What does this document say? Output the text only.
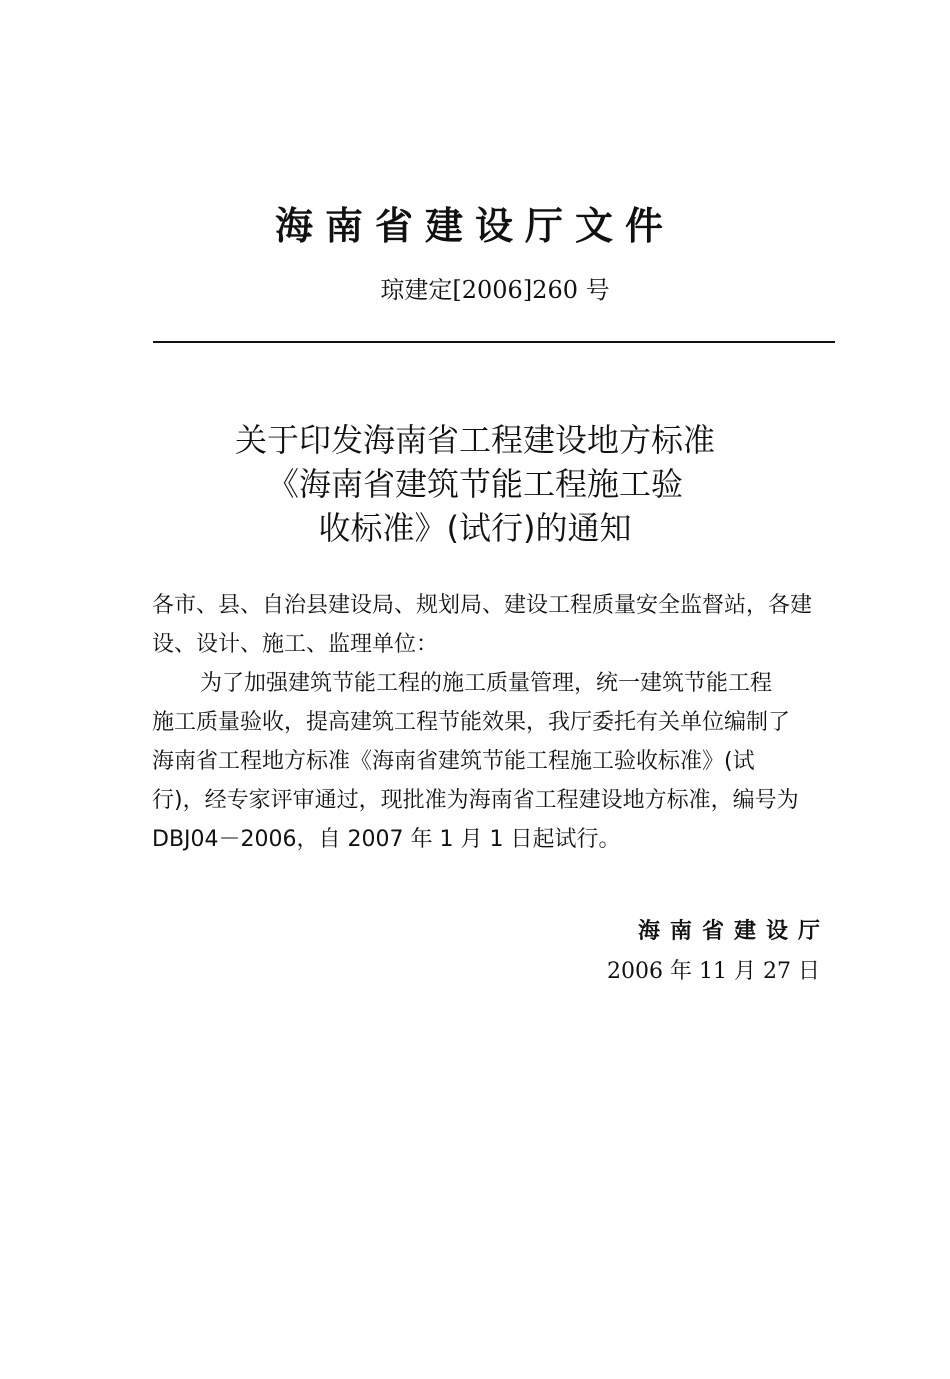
海南省建设厅文件
琼建定[2006]260 号
关于印发海南省工程建设地方标准
《海南省建筑节能工程施工验
收标准》(试行)的通知
各市、县、自治县建设局、规划局、建设工程质量安全监督站，各建
设、设计、施工、监理单位：
为了加强建筑节能工程的施工质量管理，统一建筑节能工程
施工质量验收，提高建筑工程节能效果，我厅委托有关单位编制了
海南省工程地方标准《海南省建筑节能工程施工验收标准》(试
行)，经专家评审通过，现批准为海南省工程建设地方标准，编号为
DBJ04－2006，自 2007 年 1 月 1 日起试行。
海南省建设厅
2006 年 11 月 27 日
